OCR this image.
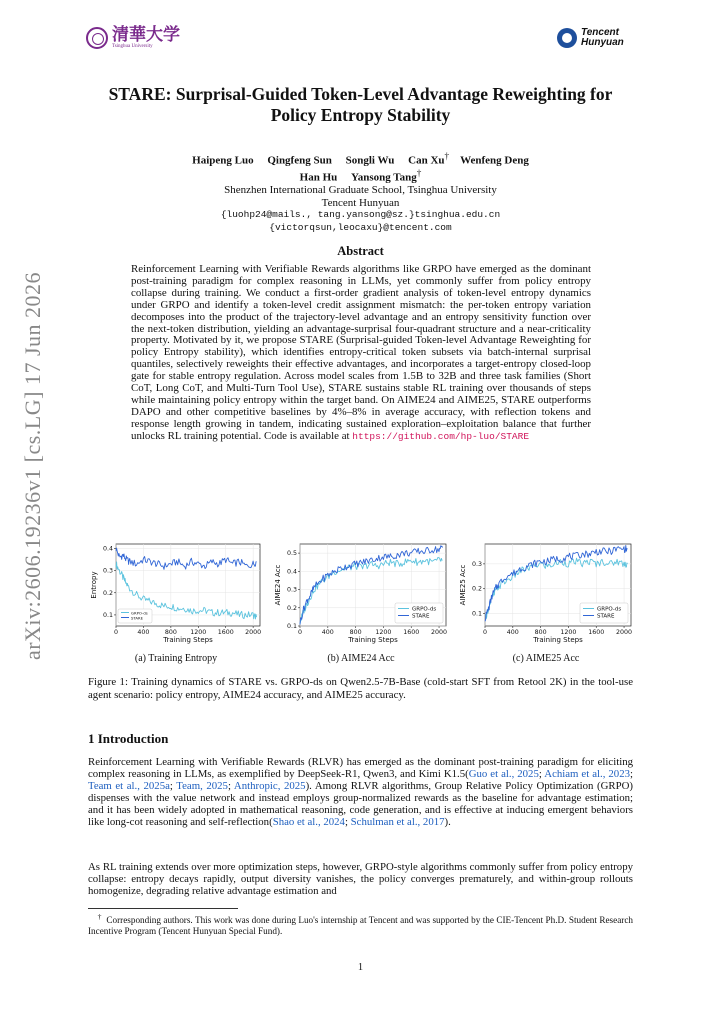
arXiv:2606.19236v1 [cs.LG] 17 Jun 2026
清華大学
Tsinghua University
Tencent
Hunyuan
STARE: Surprisal-Guided Token-Level Advantage Reweighting for
Policy Entropy Stability
Haipeng Luo Qingfeng Sun Songli Wu Can Xu† Wenfeng Deng
Han Hu Yansong Tang†
Shenzhen International Graduate School, Tsinghua University
Tencent Hunyuan
{luohp24@mails., tang.yansong@sz.}tsinghua.edu.cn
{victorqsun,leocaxu}@tencent.com
Abstract
Reinforcement Learning with Verifiable Rewards algorithms like GRPO have emerged as the dominant post-training paradigm for complex reasoning in LLMs, yet commonly suffer from policy entropy collapse during training. We conduct a first-order gradient analysis of token-level entropy dynamics under GRPO and identify a token-level credit assignment mismatch: the per-token entropy variation decomposes into the product of the trajectory-level advantage and an entropy sensitivity function over the next-token distribution, yielding an advantage-surprisal four-quadrant structure and a near-criticality property. Motivated by it, we propose STARE (Surprisal-guided Token-level Advantage Reweighting for policy Entropy stability), which identifies entropy-critical token subsets via batch-internal surprisal quantiles, selectively reweights their effective advantages, and incorporates a target-entropy closed-loop gate for stable entropy regulation. Across model scales from 1.5B to 32B and three task families (Short CoT, Long CoT, and Multi-Turn Tool Use), STARE sustains stable RL training over thousands of steps while maintaining policy entropy within the target band. On AIME24 and AIME25, STARE outperforms DAPO and other competitive baselines by 4%–8% in average accuracy, with reflection tokens and response length growing in tandem, indicating sustained exploration–exploitation balance that further unlocks RL training potential. Code is available at https://github.com/hp-luo/STARE
0	400 800 1200 1600 2000
0.1
0.2
0.3
0.4
Training Steps
Entropy
GRPO-ds
STARE
0	400	800 1200 1600 2000
0.1
0.2
0.3
0.4
0.5
Training Steps
AIME24 Acc
GRPO-ds
STARE
0	400	800 1200 1600 2000
0.1
0.2
0.3
Training Steps
AIME25 Acc
GRPO-ds
STARE
(a) Training Entropy	(b) AIME24 Acc	(c) AIME25 Acc
Figure 1: Training dynamics of STARE vs. GRPO-ds on Qwen2.5-7B-Base (cold-start SFT from Retool 2K) in the tool-use agent scenario: policy entropy, AIME24 accuracy, and AIME25 accuracy.
1 Introduction
Reinforcement Learning with Verifiable Rewards (RLVR) has emerged as the dominant post-training paradigm for eliciting complex reasoning in LLMs, as exemplified by DeepSeek-R1, Qwen3, and Kimi K1.5(Guo et al., 2025; Achiam et al., 2023; Team et al., 2025a; Team, 2025; Anthropic, 2025). Among RLVR algorithms, Group Relative Policy Optimization (GRPO) dispenses with the value network and instead employs group-normalized rewards as the baseline for advantage estimation; and it has been widely adopted in mathematical reasoning, code generation, and is effective at inducing emergent behaviors like long-cot reasoning and self-reflection(Shao et al., 2024; Schulman et al., 2017).
As RL training extends over more optimization steps, however, GRPO-style algorithms commonly suffer from policy entropy collapse: entropy decays rapidly, output diversity vanishes, the policy converges prematurely, and within-group rollouts homogenize, degrading relative advantage estimation and
† Corresponding authors. This work was done during Luo's internship at Tencent and was supported by the CIE-Tencent Ph.D. Student Research Incentive Program (Tencent Hunyuan Special Fund).
1
